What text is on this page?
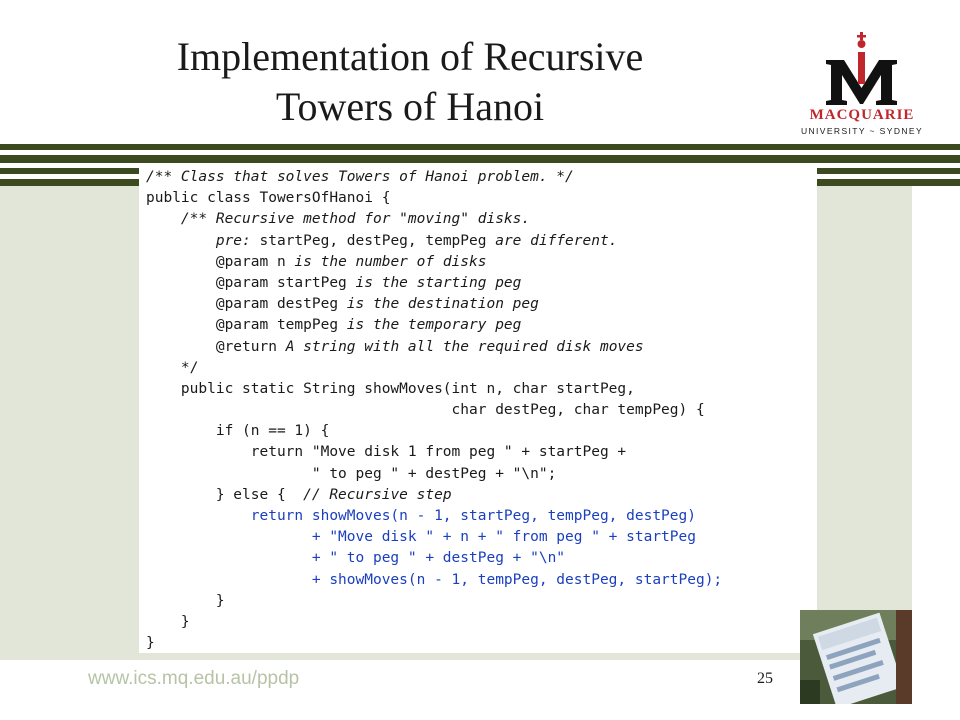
Implementation of Recursive
Towers of Hanoi	MACQUARIE
UNIVERSITY ~ SYDNEY
/** Class that solves Towers of Hanoi problem. */
public class TowersOfHanoi {
/** Recursive method for "moving" disks.
pre: startPeg, destPeg, tempPeg are different.
@param n is the number of disks
@param startPeg is the starting peg
@param destPeg is the destination peg
@param tempPeg is the temporary peg
@return A string with all the required disk moves
*/
public static String showMoves(int n, char startPeg,
char destPeg, char tempPeg) {
if (n == 1) {
return "Move disk 1 from peg " + startPeg +
" to peg " + destPeg + "\n";
} else {  // Recursive step
return showMoves(n - 1, startPeg, tempPeg, destPeg)
+ "Move disk " + n + " from peg " + startPeg
+ " to peg " + destPeg + "\n"
+ showMoves(n - 1, tempPeg, destPeg, startPeg);
}
}
}
www.ics.mq.edu.au/ppdp	25
